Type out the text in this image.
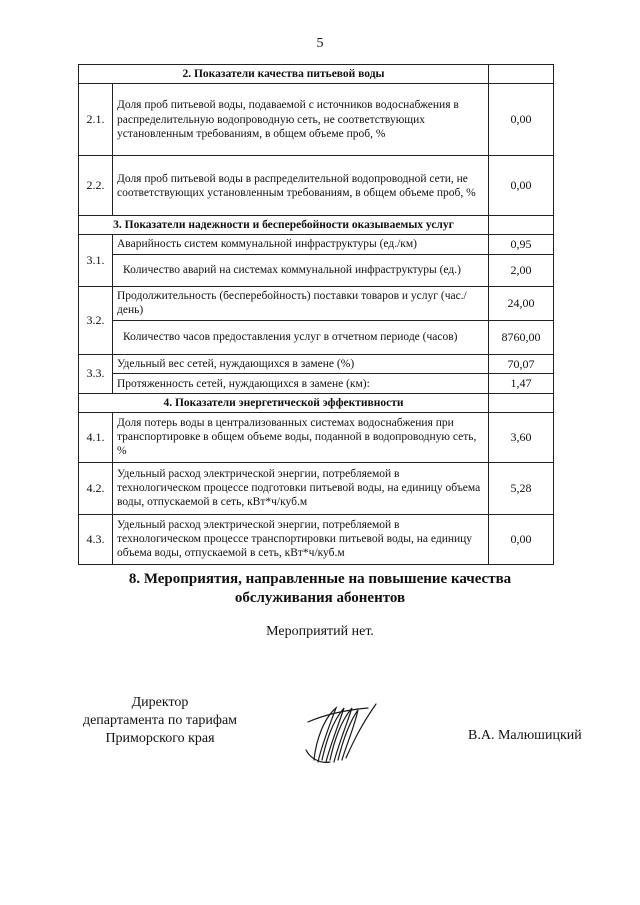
5
2. Показатели качества питьевой воды		
2.1.	Доля проб питьевой воды, подаваемой с источников водоснабжения в распределительную водопроводную сеть, не соответствующих установленным требованиям, в общем объеме проб, %	0,00
2.2.	Доля проб питьевой воды в распределительной водопроводной сети, не соответствующих установленным требованиям, в общем объеме проб, %	0,00
3. Показатели надежности и бесперебойности оказываемых услуг		
3.1.	Аварийность систем коммунальной инфраструктуры (ед./км)	0,95
	Количество аварий на системах коммунальной инфраструктуры (ед.)	2,00
3.2.	Продолжительность (бесперебойность) поставки товаров и услуг (час./день)	24,00
	Количество часов предоставления услуг в отчетном периоде (часов)	8760,00
3.3.	Удельный вес сетей, нуждающихся в замене (%)	70,07
	Протяженность сетей, нуждающихся в замене (км):	1,47
4. Показатели энергетической эффективности		
4.1.	Доля потерь воды в централизованных системах водоснабжения при транспортировке в общем объеме воды, поданной в водопроводную сеть, %	3,60
4.2.	Удельный расход электрической энергии, потребляемой в технологическом процессе подготовки питьевой воды, на единицу объема воды, отпускаемой в сеть, кВт*ч/куб.м	5,28
4.3.	Удельный расход электрической энергии, потребляемой в технологическом процессе транспортировки питьевой воды, на единицу объема воды, отпускаемой в сеть, кВт*ч/куб.м	0,00
8. Мероприятия, направленные на повышение качества
обслуживания абонентов
Мероприятий нет.
Директор
департамента по тарифам
Приморского края	В.А. Малюшицкий
